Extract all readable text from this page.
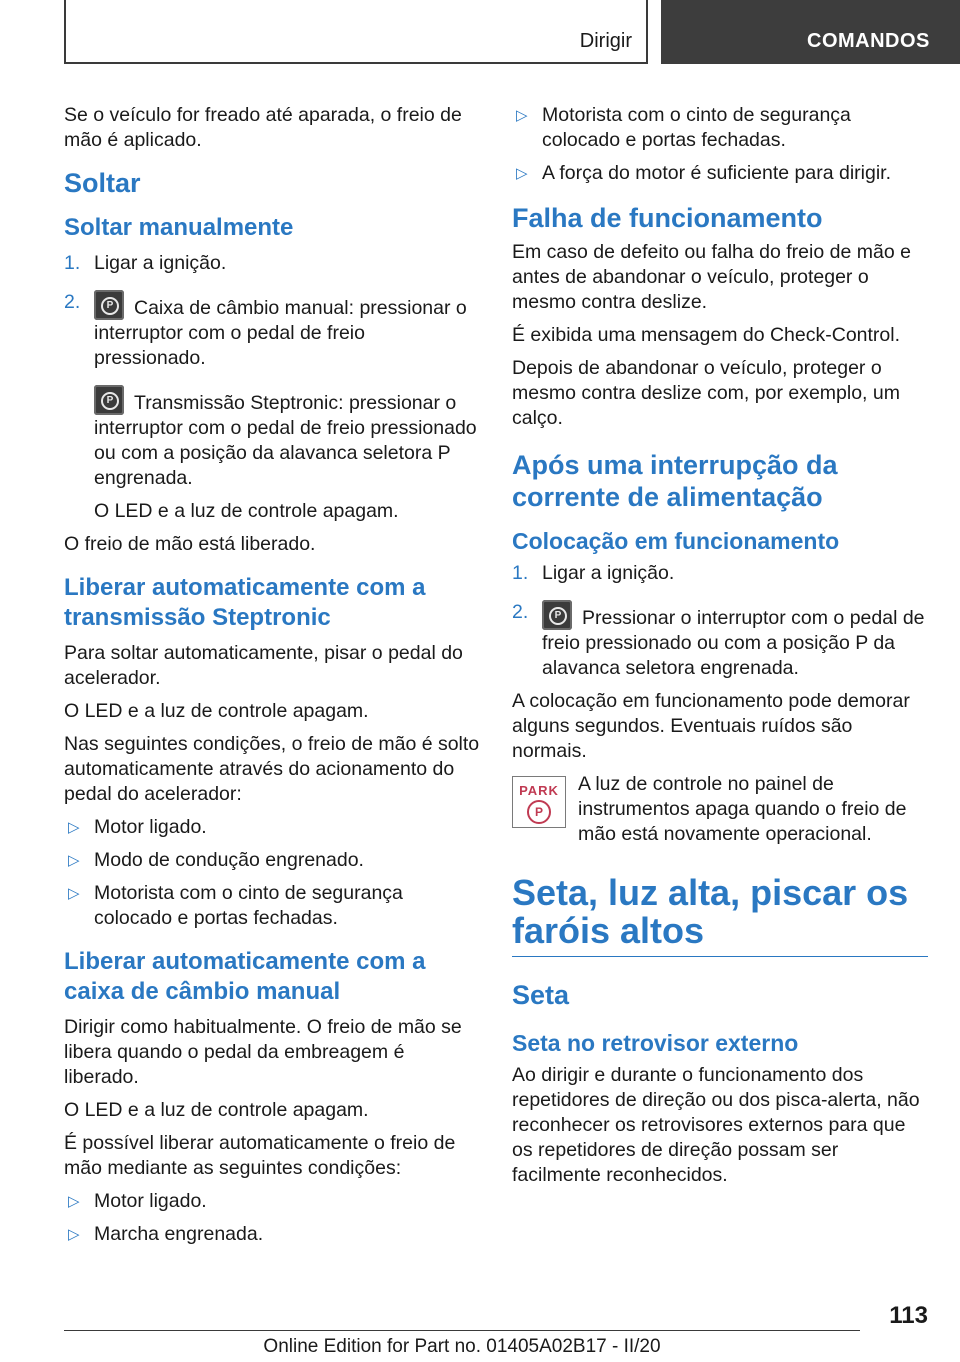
Dirigir	COMANDOS

Se o veículo for freado até aparada, o freio de mão é aplicado.

Soltar
Soltar manualmente
1. Ligar a ignição.
2.	P Caixa de câmbio manual: pressionar o interruptor com o pedal de freio pressionado.
P Transmissão Steptronic: pressionar o interruptor com o pedal de freio pressionado ou com a posição da alavanca seletora P engrenada.

O LED e a luz de controle apagam.

O freio de mão está liberado.

Liberar automaticamente com a transmissão Steptronic

Para soltar automaticamente, pisar o pedal do acelerador.

O LED e a luz de controle apagam.

Nas seguintes condições, o freio de mão é solto automaticamente através do acionamento do pedal do acelerador:

▷ Motor ligado.
▷ Modo de condução engrenado.
▷ Motorista com o cinto de segurança colocado e portas fechadas.
Liberar automaticamente com a caixa de câmbio manual

Dirigir como habitualmente. O freio de mão se libera quando o pedal da embreagem é liberado.

O LED e a luz de controle apagam.

É possível liberar automaticamente o freio de mão mediante as seguintes condições:

▷ Motor ligado.
▷ Marcha engrenada.
▷ Motorista com o cinto de segurança colocado e portas fechadas.
▷ A força do motor é suficiente para dirigir.
Falha de funcionamento

Em caso de defeito ou falha do freio de mão e antes de abandonar o veículo, proteger o mesmo contra deslize.

É exibida uma mensagem do Check-Control.

Depois de abandonar o veículo, proteger o mesmo contra deslize com, por exemplo, um calço.

Após uma interrupção da corrente de alimentação
Colocação em funcionamento
1. Ligar a ignição.
2.	P Pressionar o interruptor com o pedal de freio pressionado ou com a posição P da alavanca seletora engrenada.

A colocação em funcionamento pode demorar alguns segundos. Eventuais ruídos são normais.

PARK
P

A luz de controle no painel de instrumentos apaga quando o freio de mão está novamente operacional.

Seta, luz alta, piscar os faróis altos
Seta
Seta no retrovisor externo

Ao dirigir e durante o funcionamento dos repetidores de direção ou dos pisca-alerta, não reconhecer os retrovisores externos para que os repetidores de direção possam ser facilmente reconhecidos.

113
Online Edition for Part no. 01405A02B17 - II/20
